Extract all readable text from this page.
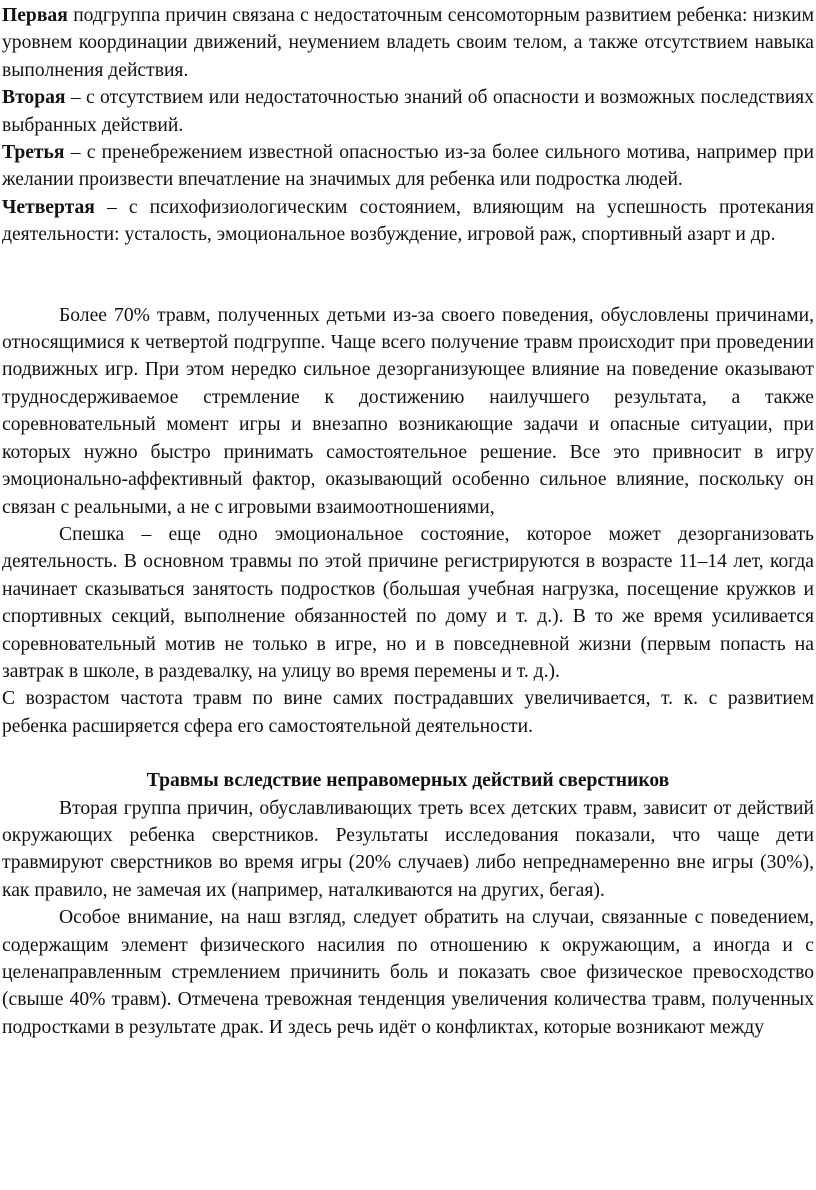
Первая подгруппа причин связана с недостаточным сенсомоторным развитием ребенка: низким уровнем координации движений, неумением владеть своим телом, а также отсутствием навыка выполнения действия.

Вторая – с отсутствием или недостаточностью знаний об опасности и возможных последствиях выбранных действий.

Третья – с пренебрежением известной опасностью из-за более сильного мотива, например при желании произвести впечатление на значимых для ребенка или подростка людей.

Четвертая – с психофизиологическим состоянием, влияющим на успешность протекания деятельности: усталость, эмоциональное возбуждение, игровой раж, спортивный азарт и др.

Более 70% травм, полученных детьми из-за своего поведения, обусловлены причинами, относящимися к четвертой подгруппе. Чаще всего получение травм происходит при проведении подвижных игр. При этом нередко сильное дезорганизующее влияние на поведение оказывают трудносдерживаемое стремление к достижению наилучшего результата, а также соревновательный момент игры и внезапно возникающие задачи и опасные ситуации, при которых нужно быстро принимать самостоятельное решение. Все это привносит в игру эмоционально-аффективный фактор, оказывающий особенно сильное влияние, поскольку он связан с реальными, а не с игровыми взаимоотношениями,

Спешка – еще одно эмоциональное состояние, которое может дезорганизовать деятельность. В основном травмы по этой причине регистрируются в возрасте 11–14 лет, когда начинает сказываться занятость подростков (большая учебная нагрузка, посещение кружков и спортивных секций, выполнение обязанностей по дому и т. д.). В то же время усиливается соревновательный мотив не только в игре, но и в повседневной жизни (первым попасть на завтрак в школе, в раздевалку, на улицу во время перемены и т. д.).

С возрастом частота травм по вине самих пострадавших увеличивается, т. к. с развитием ребенка расширяется сфера его самостоятельной деятельности.

Травмы вследствие неправомерных действий сверстников

Вторая группа причин, обуславливающих треть всех детских травм, зависит от действий окружающих ребенка сверстников. Результаты исследования показали, что чаще дети травмируют сверстников во время игры (20% случаев) либо непреднамеренно вне игры (30%), как правило, не замечая их (например, наталкиваются на других, бегая).

Особое внимание, на наш взгляд, следует обратить на случаи, связанные с поведением, содержащим элемент физического насилия по отношению к окружающим, а иногда и с целенаправленным стремлением причинить боль и показать свое физическое превосходство (свыше 40% травм). Отмечена тревожная тенденция увеличения количества травм, полученных подростками в результате драк. И здесь речь идёт о конфликтах, которые возникают между
